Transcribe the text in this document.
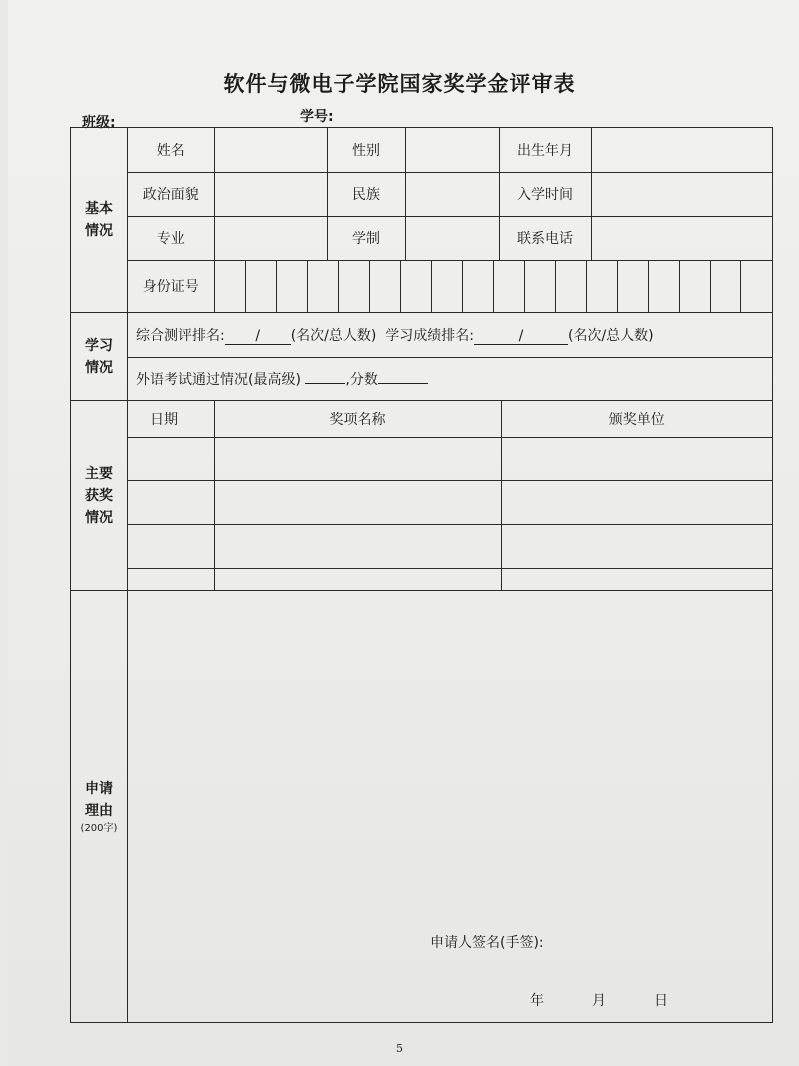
软件与微电子学院国家奖学金评审表
班级:	学号:
基本情况	
姓名		性别		出生年月	
政治面貌		民族		入学时间	
专业		学制		联系电话	
身份证号	

学习情况	
综合测评排名: / (名次/总人数) 学习成绩排名:	/	(名次/总人数)
外语考试通过情况(最高级)	,分数

主要获奖情况	
日期	奖项名称	颁奖单位

申请理由
(200字)

申请人签名(手签):
年	月	日
5
